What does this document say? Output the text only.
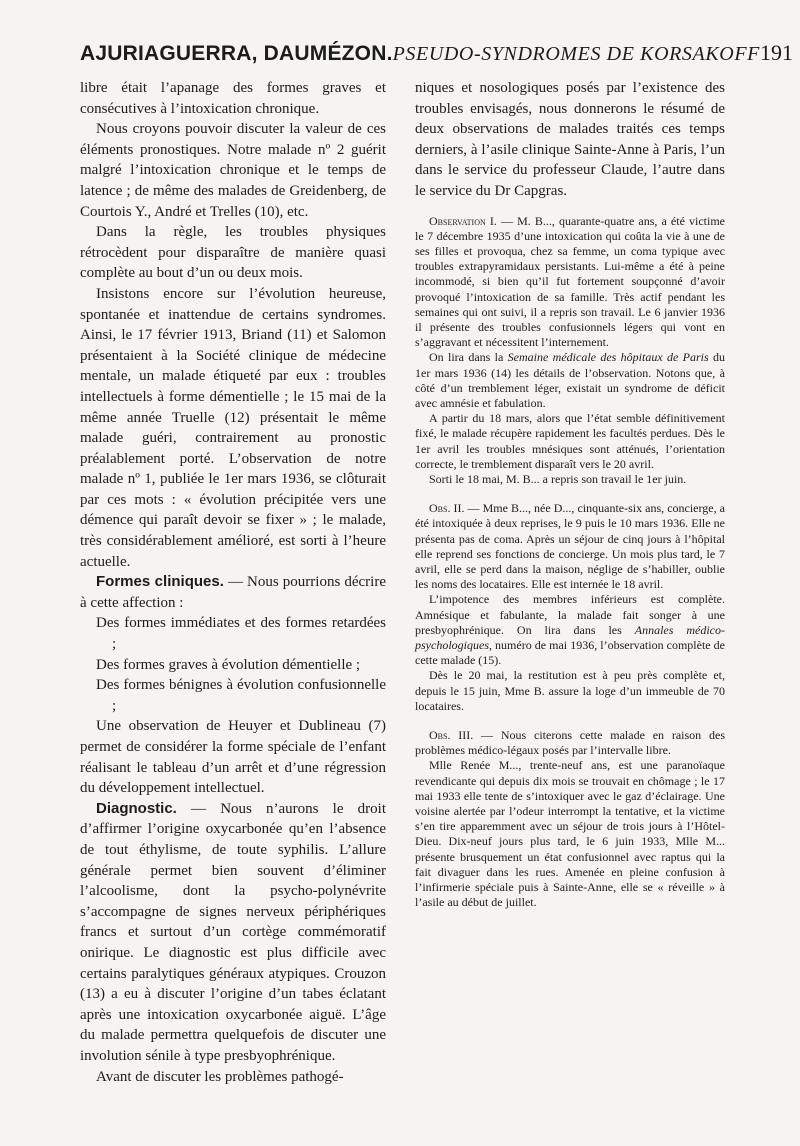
AJURIAGUERRA, DAUMÉZON. PSEUDO-SYNDROMES DE KORSAKOFF 191

libre était l’apanage des formes graves et consécutives à l’intoxication chronique.

Nous croyons pouvoir discuter la valeur de ces éléments pronostiques. Notre malade nº 2 guérit malgré l’intoxication chronique et le temps de latence ; de même des malades de Greidenberg, de Courtois Y., André et Trelles (10), etc.

Dans la règle, les troubles physiques rétrocèdent pour disparaître de manière quasi complète au bout d’un ou deux mois.

Insistons encore sur l’évolution heureuse, spontanée et inattendue de certains syndromes. Ainsi, le 17 février 1913, Briand (11) et Salomon présentaient à la Société clinique de médecine mentale, un malade étiqueté par eux : troubles intellectuels à forme démentielle ; le 15 mai de la même année Truelle (12) présentait le même malade guéri, contrairement au pronostic préalablement porté. L’observation de notre malade nº 1, publiée le 1er mars 1936, se clôturait par ces mots : « évolution précipitée vers une démence qui paraît devoir se fixer » ; le malade, très considérablement amélioré, est sorti à l’heure actuelle.

Formes cliniques. — Nous pourrions décrire à cette affection :

Des formes immédiates et des formes retardées ;

Des formes graves à évolution démentielle ;

Des formes bénignes à évolution confusionnelle ;

Une observation de Heuyer et Dublineau (7) permet de considérer la forme spéciale de l’enfant réalisant le tableau d’un arrêt et d’une régression du développement intellectuel.

Diagnostic. — Nous n’aurons le droit d’affirmer l’origine oxycarbonée qu’en l’absence de tout éthylisme, de toute syphilis. L’allure générale permet bien souvent d’éliminer l’alcoolisme, dont la psycho-polynévrite s’accompagne de signes nerveux périphériques francs et surtout d’un cortège commémoratif onirique. Le diagnostic est plus difficile avec certains paralytiques généraux atypiques. Crouzon (13) a eu à discuter l’origine d’un tabes éclatant après une intoxication oxycarbonée aiguë. L’âge du malade permettra quelquefois de discuter une involution sénile à type presbyophrénique.

Avant de discuter les problèmes pathogé-

niques et nosologiques posés par l’existence des troubles envisagés, nous donnerons le résumé de deux observations de malades traités ces temps derniers, à l’asile clinique Sainte-Anne à Paris, l’un dans le service du professeur Claude, l’autre dans le service du Dr Capgras.

Observation I. — M. B..., quarante-quatre ans, a été victime le 7 décembre 1935 d’une intoxication qui coûta la vie à une de ses filles et provoqua, chez sa femme, un coma typique avec troubles extrapyramidaux persistants. Lui-même a été à peine incommodé, si bien qu’il fut fortement soupçonné d’avoir provoqué l’intoxication de sa famille. Très actif pendant les semaines qui ont suivi, il a repris son travail. Le 6 janvier 1936 il présente des troubles confusionnels légers qui vont en s’aggravant et nécessitent l’internement.

On lira dans la Semaine médicale des hôpitaux de Paris du 1er mars 1936 (14) les détails de l’observation. Notons que, à côté d’un tremblement léger, existait un syndrome de déficit avec amnésie et fabulation.

A partir du 18 mars, alors que l’état semble définitivement fixé, le malade récupère rapidement les facultés perdues. Dès le 1er avril les troubles mnésiques sont atténués, l’orientation correcte, le tremblement disparaît vers le 20 avril.

Sorti le 18 mai, M. B... a repris son travail le 1er juin.

Obs. II. — Mme B..., née D..., cinquante-six ans, concierge, a été intoxiquée à deux reprises, le 9 puis le 10 mars 1936. Elle ne présenta pas de coma. Après un séjour de cinq jours à l’hôpital elle reprend ses fonctions de concierge. Un mois plus tard, le 7 avril, elle se perd dans la maison, néglige de s’habiller, oublie les noms des locataires. Elle est internée le 18 avril.

L’impotence des membres inférieurs est complète. Amnésique et fabulante, la malade fait songer à une presbyophrénique. On lira dans les Annales médico-psychologiques, numéro de mai 1936, l’observation complète de cette malade (15).

Dès le 20 mai, la restitution est à peu près complète et, depuis le 15 juin, Mme B. assure la loge d’un immeuble de 70 locataires.

Obs. III. — Nous citerons cette malade en raison des problèmes médico-légaux posés par l’intervalle libre.

Mlle Renée M..., trente-neuf ans, est une paranoïaque revendicante qui depuis dix mois se trouvait en chômage ; le 17 mai 1933 elle tente de s’intoxiquer avec le gaz d’éclairage. Une voisine alertée par l’odeur interrompt la tentative, et la victime s’en tire apparemment avec un séjour de trois jours à l’Hôtel-Dieu. Dix-neuf jours plus tard, le 6 juin 1933, Mlle M... présente brusquement un état confusionnel avec raptus qui la fait divaguer dans les rues. Amenée en pleine confusion à l’infirmerie spéciale puis à Sainte-Anne, elle se « réveille » à l’asile au début de juillet.
